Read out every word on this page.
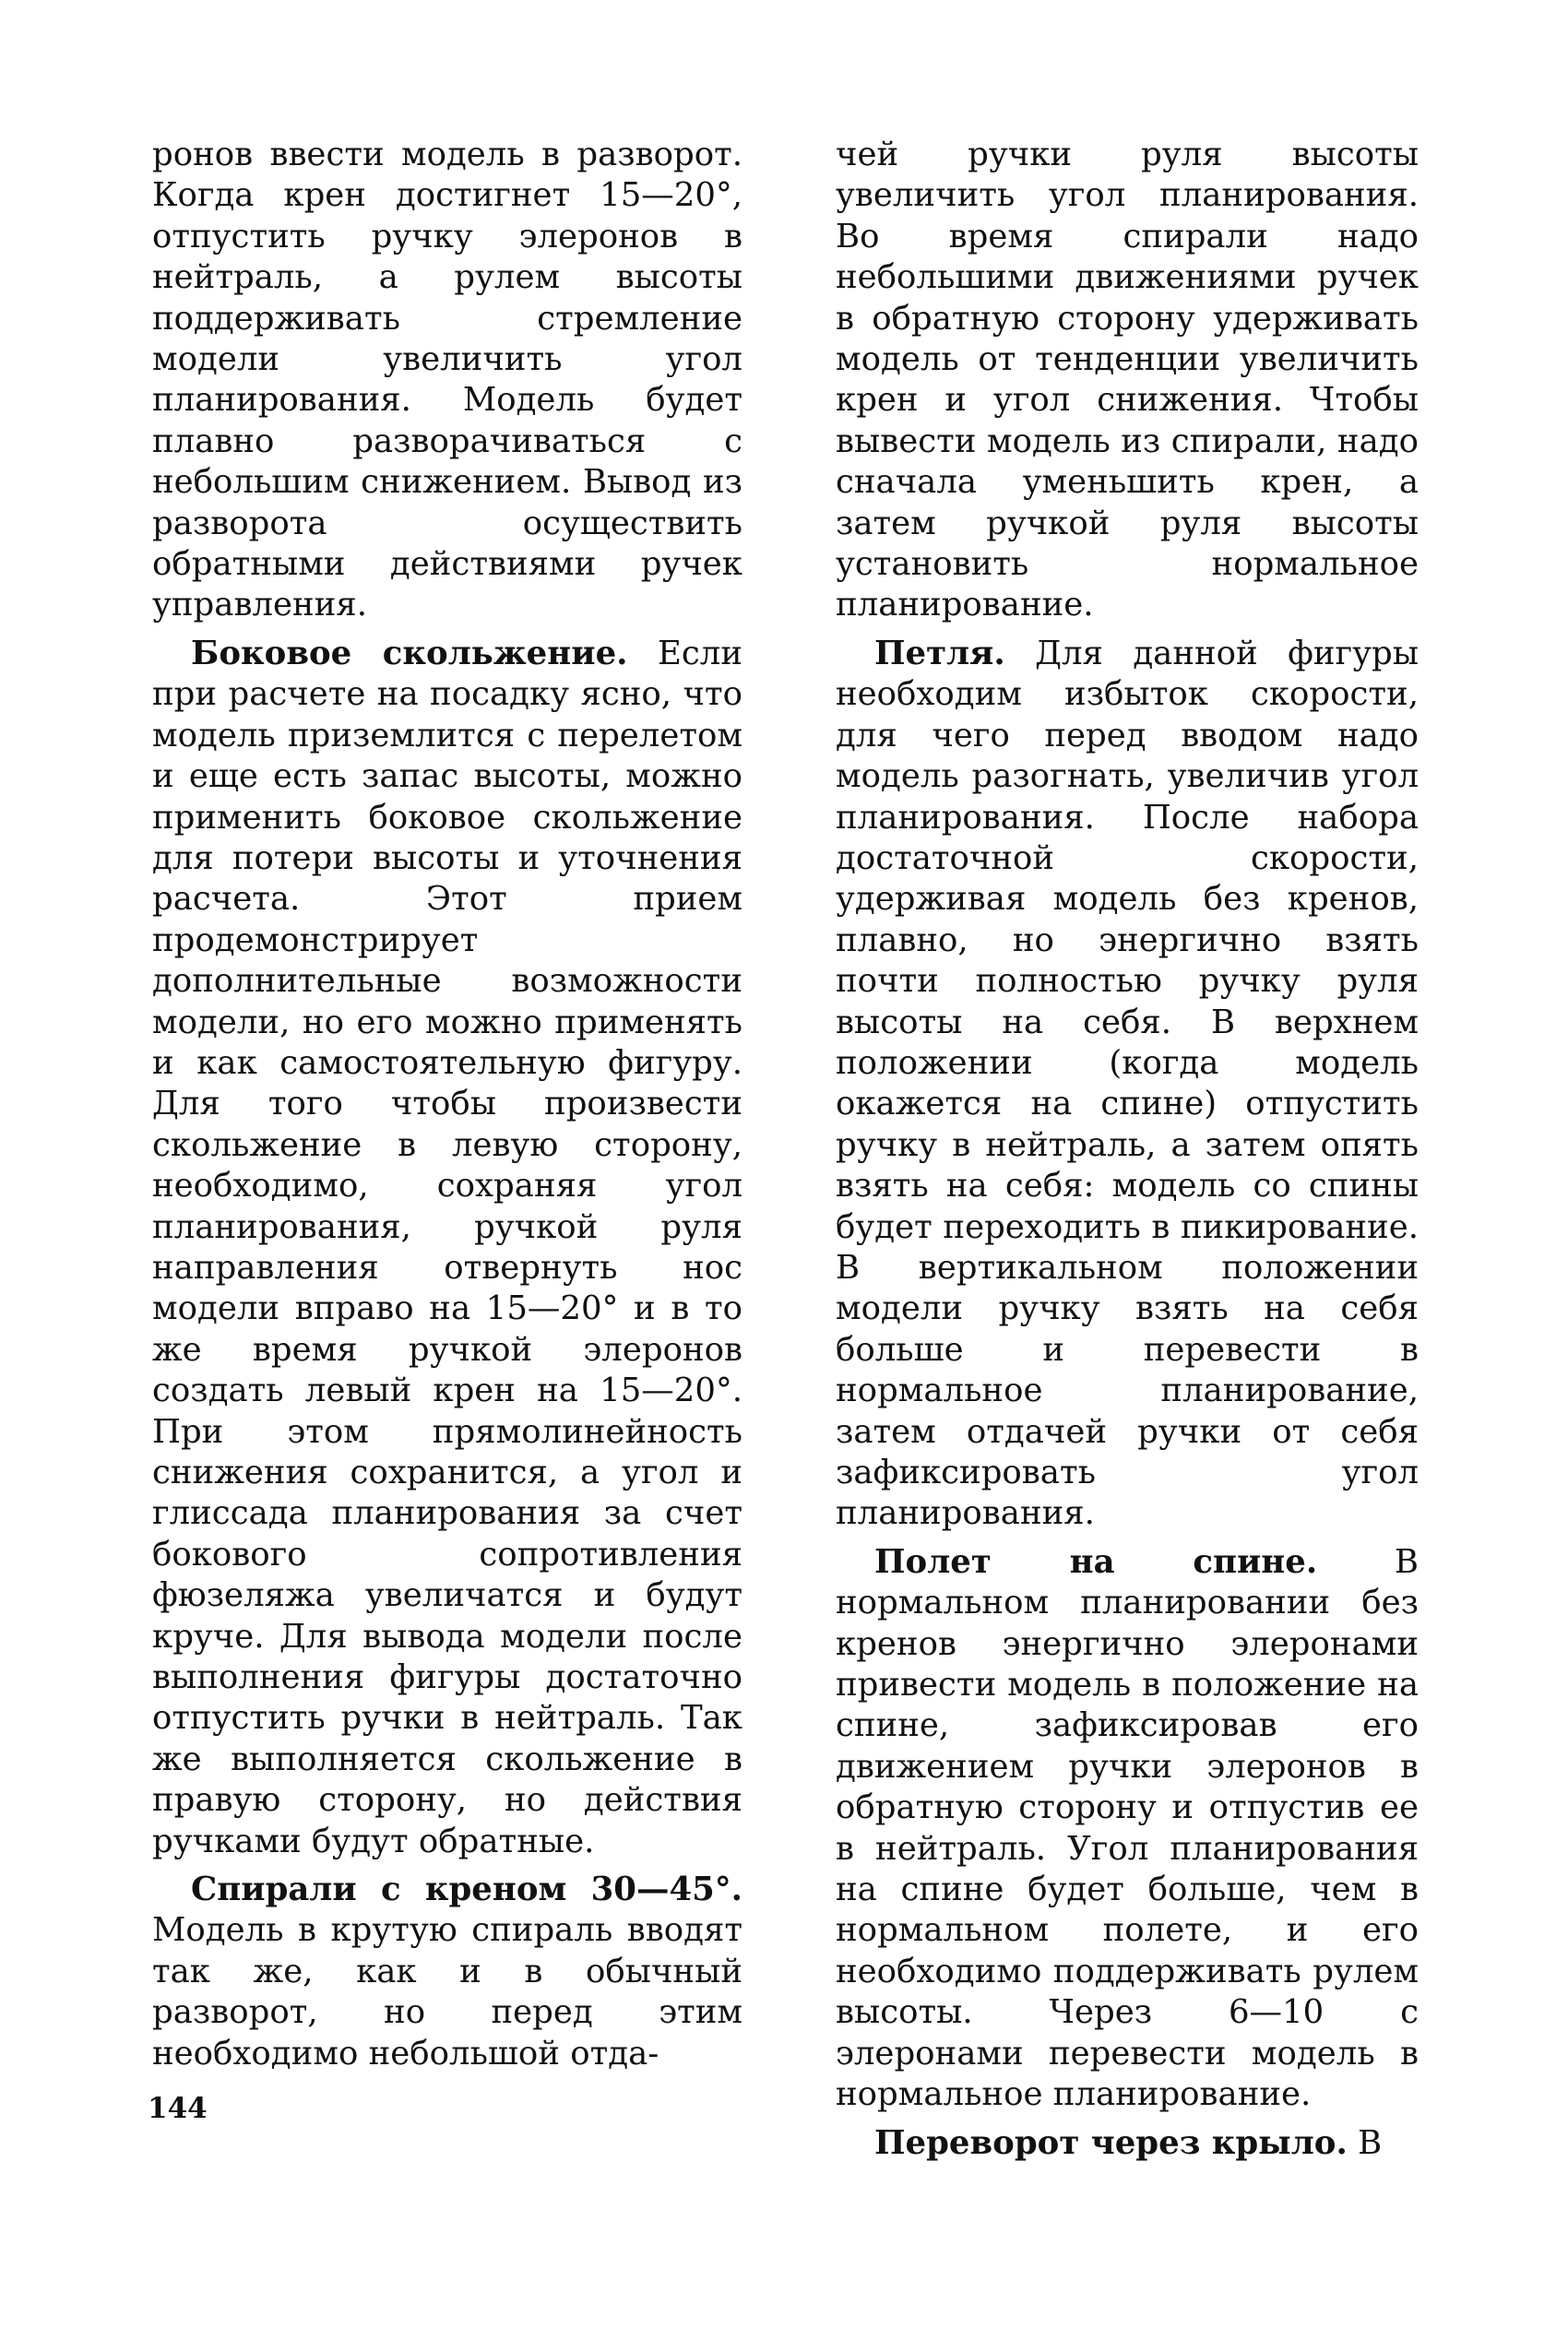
ронов ввести модель в разворот. Когда крен достигнет 15—20°, отпустить ручку элеронов в нейтраль, а рулем высоты поддерживать стремление модели увеличить угол планирования. Модель будет плавно разворачиваться с небольшим снижением. Вывод из разворота осуществить обратными действиями ручек управления.

Боковое скольжение. Если при расчете на посадку ясно, что модель приземлится с перелетом и еще есть запас высоты, можно применить боковое скольжение для потери высоты и уточнения расчета. Этот прием продемонстрирует дополнительные возможности модели, но его можно применять и как самостоятельную фигуру. Для того чтобы произвести скольжение в левую сторону, необходимо, сохраняя угол планирования, ручкой руля направления отвернуть нос модели вправо на 15—20° и в то же время ручкой элеронов создать левый крен на 15—20°. При этом прямолинейность снижения сохранится, а угол и глиссада планирования за счет бокового сопротивления фюзеляжа увеличатся и будут круче. Для вывода модели после выполнения фигуры достаточно отпустить ручки в нейтраль. Так же выполняется скольжение в правую сторону, но действия ручками будут обратные.

Спирали с креном 30—45°. Модель в крутую спираль вводят так же, как и в обычный разворот, но перед этим необходимо небольшой отда-

чей ручки руля высоты увеличить угол планирования. Во время спирали надо небольшими движениями ручек в обратную сторону удерживать модель от тенденции увеличить крен и угол снижения. Чтобы вывести модель из спирали, надо сначала уменьшить крен, а затем ручкой руля высоты установить нормальное планирование.

Петля. Для данной фигуры необходим избыток скорости, для чего перед вводом надо модель разогнать, увеличив угол планирования. После набора достаточной скорости, удерживая модель без кренов, плавно, но энергично взять почти полностью ручку руля высоты на себя. В верхнем положении (когда модель окажется на спине) отпустить ручку в нейтраль, а затем опять взять на себя: модель со спины будет переходить в пикирование. В вертикальном положении модели ручку взять на себя больше и перевести в нормальное планирование, затем отдачей ручки от себя зафиксировать угол планирования.

Полет на спине. В нормальном планировании без кренов энергично элеронами привести модель в положение на спине, зафиксировав его движением ручки элеронов в обратную сторону и отпустив ее в нейтраль. Угол планирования на спине будет больше, чем в нормальном полете, и его необходимо поддерживать рулем высоты. Через 6—10 с элеронами перевести модель в нормальное планирование.

Переворот через крыло. В

144
